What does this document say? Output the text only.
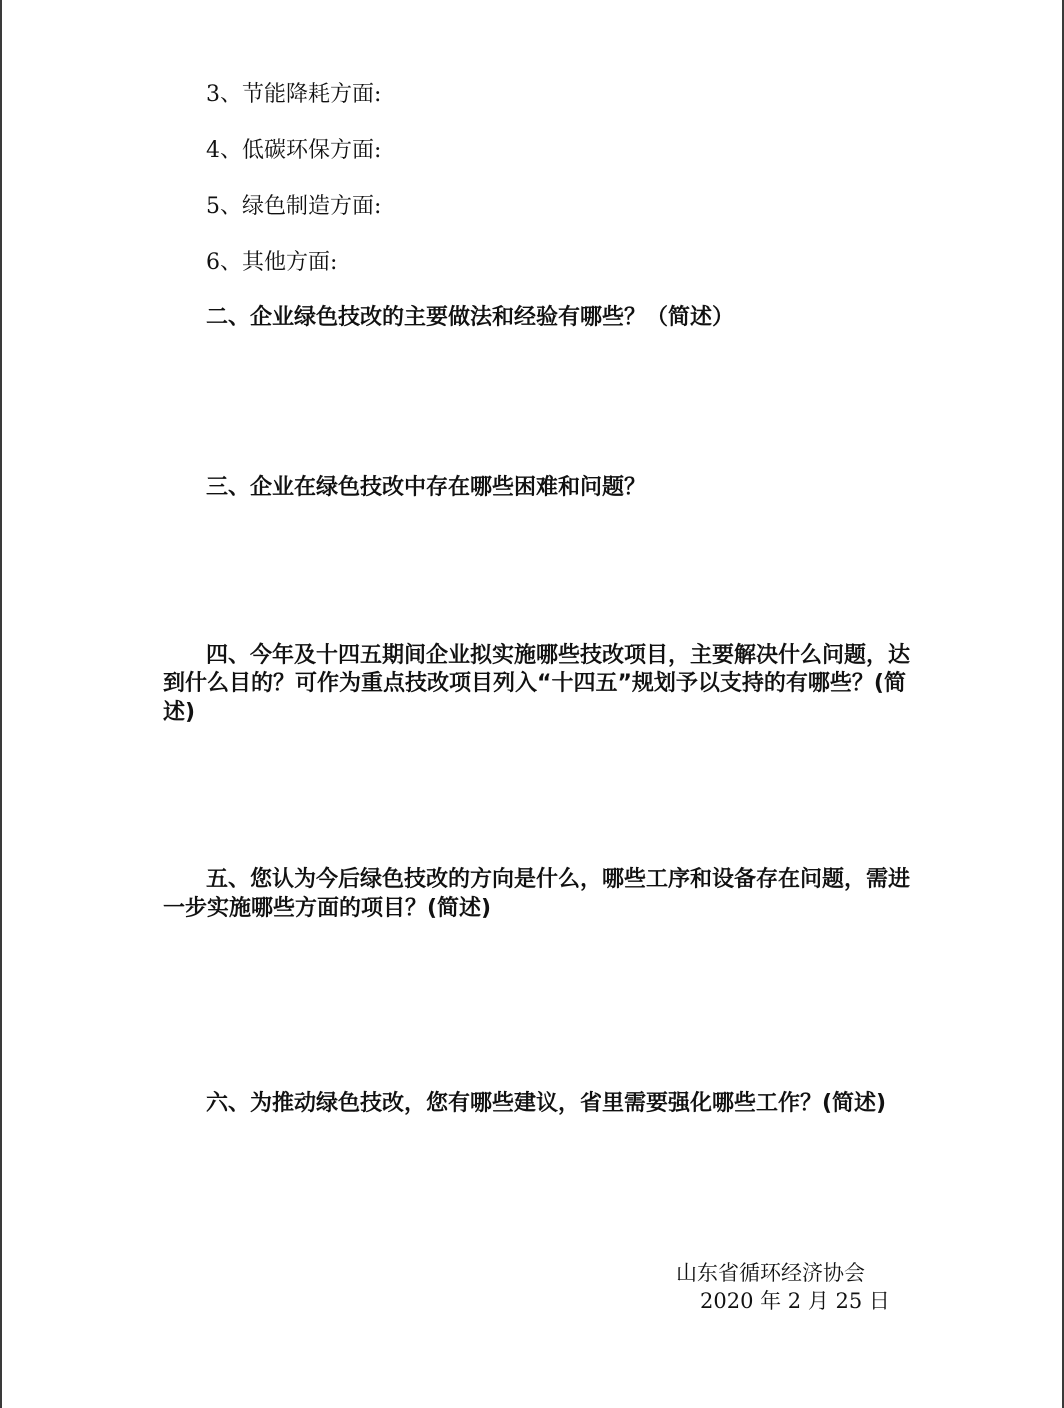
3、节能降耗方面:
4、低碳环保方面:
5、绿色制造方面:
6、其他方面:
二、企业绿色技改的主要做法和经验有哪些？（简述）
三、企业在绿色技改中存在哪些困难和问题？
四、今年及十四五期间企业拟实施哪些技改项目，主要解决什么问题，达
到什么目的？可作为重点技改项目列入“十四五”规划予以支持的有哪些？(简
述)
五、您认为今后绿色技改的方向是什么，哪些工序和设备存在问题，需进
一步实施哪些方面的项目？(简述)
六、为推动绿色技改，您有哪些建议，省里需要强化哪些工作？(简述)
山东省循环经济协会
2020 年 2 月 25 日
